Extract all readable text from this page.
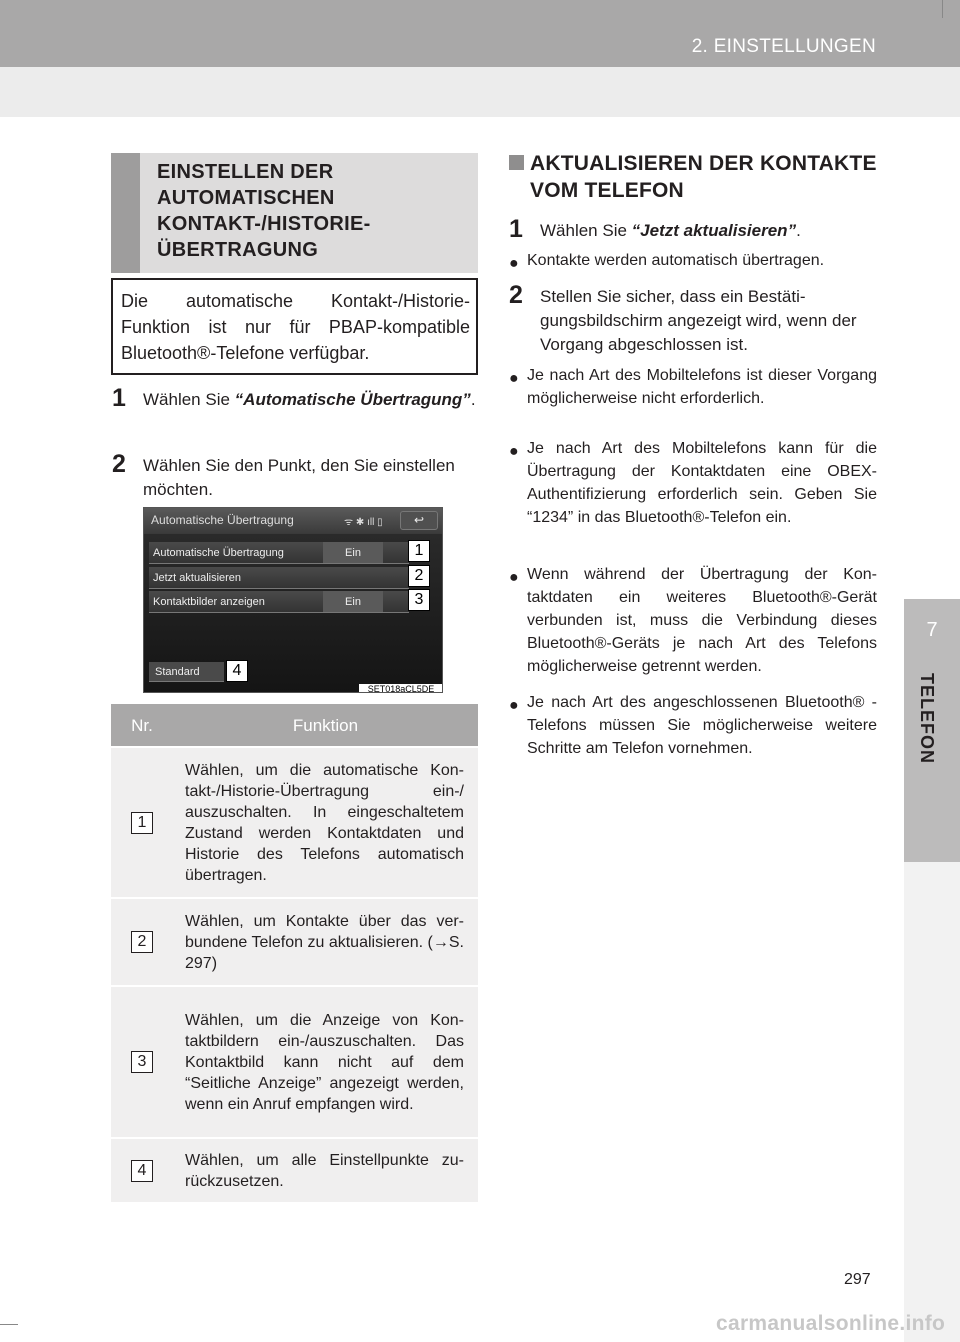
2. EINSTELLUNGEN
7
TELEFON
EINSTELLEN DER AUTOMATISCHEN KONTAKT-/HISTORIE-ÜBERTRAGUNG
Die automatische Kontakt-/Historie-Funktion ist nur für PBAP-kompatible Bluetooth®-Telefone verfügbar.
1	Wählen Sie “Automatische Übertragung”.
2	Wählen Sie den Punkt, den Sie einstellen möchten.
Automatische Übertragung	ᯤ ✱ ıll ▯	↩
Automatische Übertragung	Ein
Jetzt aktualisieren
Kontaktbilder anzeigen	Ein
Standard
1
2
3
4
SET018aCL5DE
Nr.	Funktion
1	Wählen, um die automatische Kontakt-/Historie-Übertragung ein-/ auszuschalten. In eingeschaltetem Zustand werden Kontaktdaten und Historie des Telefons automatisch übertragen.
2	Wählen, um Kontakte über das verbundene Telefon zu aktualisieren. (→S. 297)
3	Wählen, um die Anzeige von Kontaktbildern ein-/auszuschalten. Das Kontaktbild kann nicht auf dem “Seitliche Anzeige” angezeigt werden, wenn ein Anruf empfangen wird.
4	Wählen, um alle Einstellpunkte zurückzusetzen.
AKTUALISIEREN DER KONTAKTE VOM TELEFON
1	Wählen Sie “Jetzt aktualisieren”.
● Kontakte werden automatisch übertragen.
2	Stellen Sie sicher, dass ein Bestätigungsbildschirm angezeigt wird, wenn der Vorgang abgeschlossen ist.
● Je nach Art des Mobiltelefons ist dieser Vorgang möglicherweise nicht erforderlich.
● Je nach Art des Mobiltelefons kann für die Übertragung der Kontaktdaten eine OBEX-Authentifizierung erforderlich sein. Geben Sie “1234” in das Bluetooth®-Telefon ein.
● Wenn während der Übertragung der Kontaktdaten ein weiteres Bluetooth®-Gerät verbunden ist, muss die Verbindung dieses Bluetooth®-Geräts je nach Art des Telefons möglicherweise getrennt werden.
● Je nach Art des angeschlossenen Bluetooth® -Telefons müssen Sie möglicherweise weitere Schritte am Telefon vornehmen.
297
carmanualsonline.info
